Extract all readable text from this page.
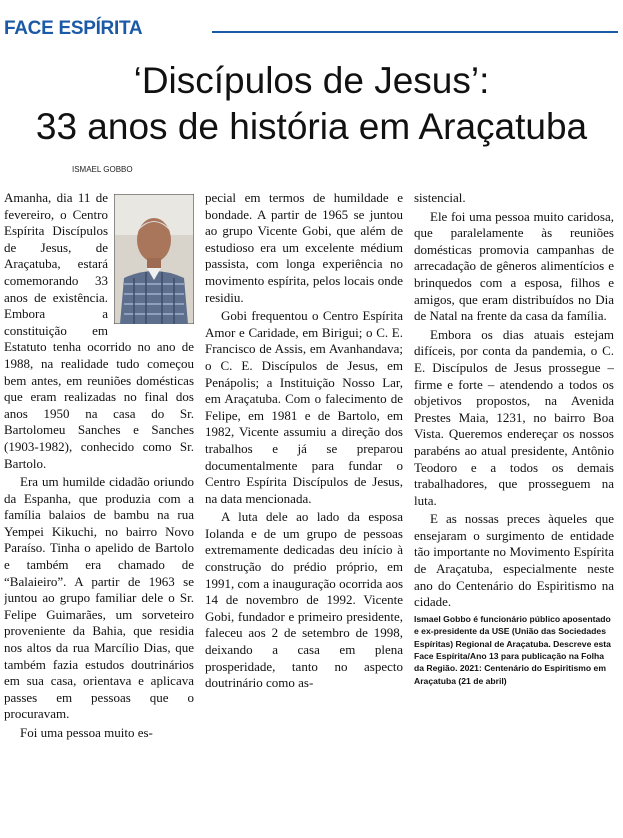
FACE ESPÍRITA
‘Discípulos de Jesus’:
33 anos de história em Araçatuba
ISMAEL GOBBO

Amanha, dia 11 de fevereiro, o Centro Espírita Discípulos de Jesus, de Araçatuba, estará comemorando 33 anos de existência. Embora a constituição em Estatuto tenha ocorrido no ano de 1988, na realidade tudo começou bem antes, em reuniões domésticas que eram realizadas no final dos anos 1950 na casa do Sr. Bartolomeu Sanches e Sanches (1903-1982), conhecido como Sr. Bartolo.

Era um humilde cidadão oriundo da Espanha, que produzia com a família balaios de bambu na rua Yempei Kikuchi, no bairro Novo Paraíso. Tinha o apelido de Bartolo e também era chamado de “Balaieiro”. A partir de 1963 se juntou ao grupo familiar dele o Sr. Felipe Guimarães, um sorveteiro proveniente da Bahia, que residia nos altos da rua Marcílio Dias, que também fazia estudos doutrinários em sua casa, orientava e aplicava passes em pessoas que o procuravam.

Foi uma pessoa muito es-

pecial em termos de humildade e bondade. A partir de 1965 se juntou ao grupo Vicente Gobi, que além de estudioso era um excelente médium passista, com longa experiência no movimento espírita, pelos locais onde residiu.

Gobi frequentou o Centro Espírita Amor e Caridade, em Birigui; o C. E. Francisco de Assis, em Avanhandava; o C. E. Discípulos de Jesus, em Penápolis; a Instituição Nosso Lar, em Araçatuba. Com o falecimento de Felipe, em 1981 e de Bartolo, em 1982, Vicente assumiu a direção dos trabalhos e já se preparou documentalmente para fundar o Centro Espírita Discípulos de Jesus, na data mencionada.

A luta dele ao lado da esposa Iolanda e de um grupo de pessoas extremamente dedicadas deu início à construção do prédio próprio, em 1991, com a inauguração ocorrida aos 14 de novembro de 1992. Vicente Gobi, fundador e primeiro presidente, faleceu aos 2 de setembro de 1998, deixando a casa em plena prosperidade, tanto no aspecto doutrinário como as-

sistencial.

Ele foi uma pessoa muito caridosa, que paralelamente às reuniões domésticas promovia campanhas de arrecadação de gêneros alimentícios e brinquedos com a esposa, filhos e amigos, que eram distribuídos no Dia de Natal na frente da casa da família.

Embora os dias atuais estejam difíceis, por conta da pandemia, o C. E. Discípulos de Jesus prossegue – firme e forte – atendendo a todos os objetivos propostos, na Avenida Prestes Maia, 1231, no bairro Boa Vista. Queremos endereçar os nossos parabéns ao atual presidente, Antônio Teodoro e a todos os demais trabalhadores, que prosseguem na luta.

E as nossas preces àqueles que ensejaram o surgimento de entidade tão importante no Movimento Espírita de Araçatuba, especialmente neste ano do Centenário do Espiritismo na cidade.

Ismael Gobbo é funcionário público aposentado e ex-presidente da USE (União das Sociedades Espíritas) Regional de Araçatuba. Descreve esta Face Espírita/Ano 13 para publicação na Folha da Região. 2021: Centenário do Espiritismo em Araçatuba (21 de abril)
